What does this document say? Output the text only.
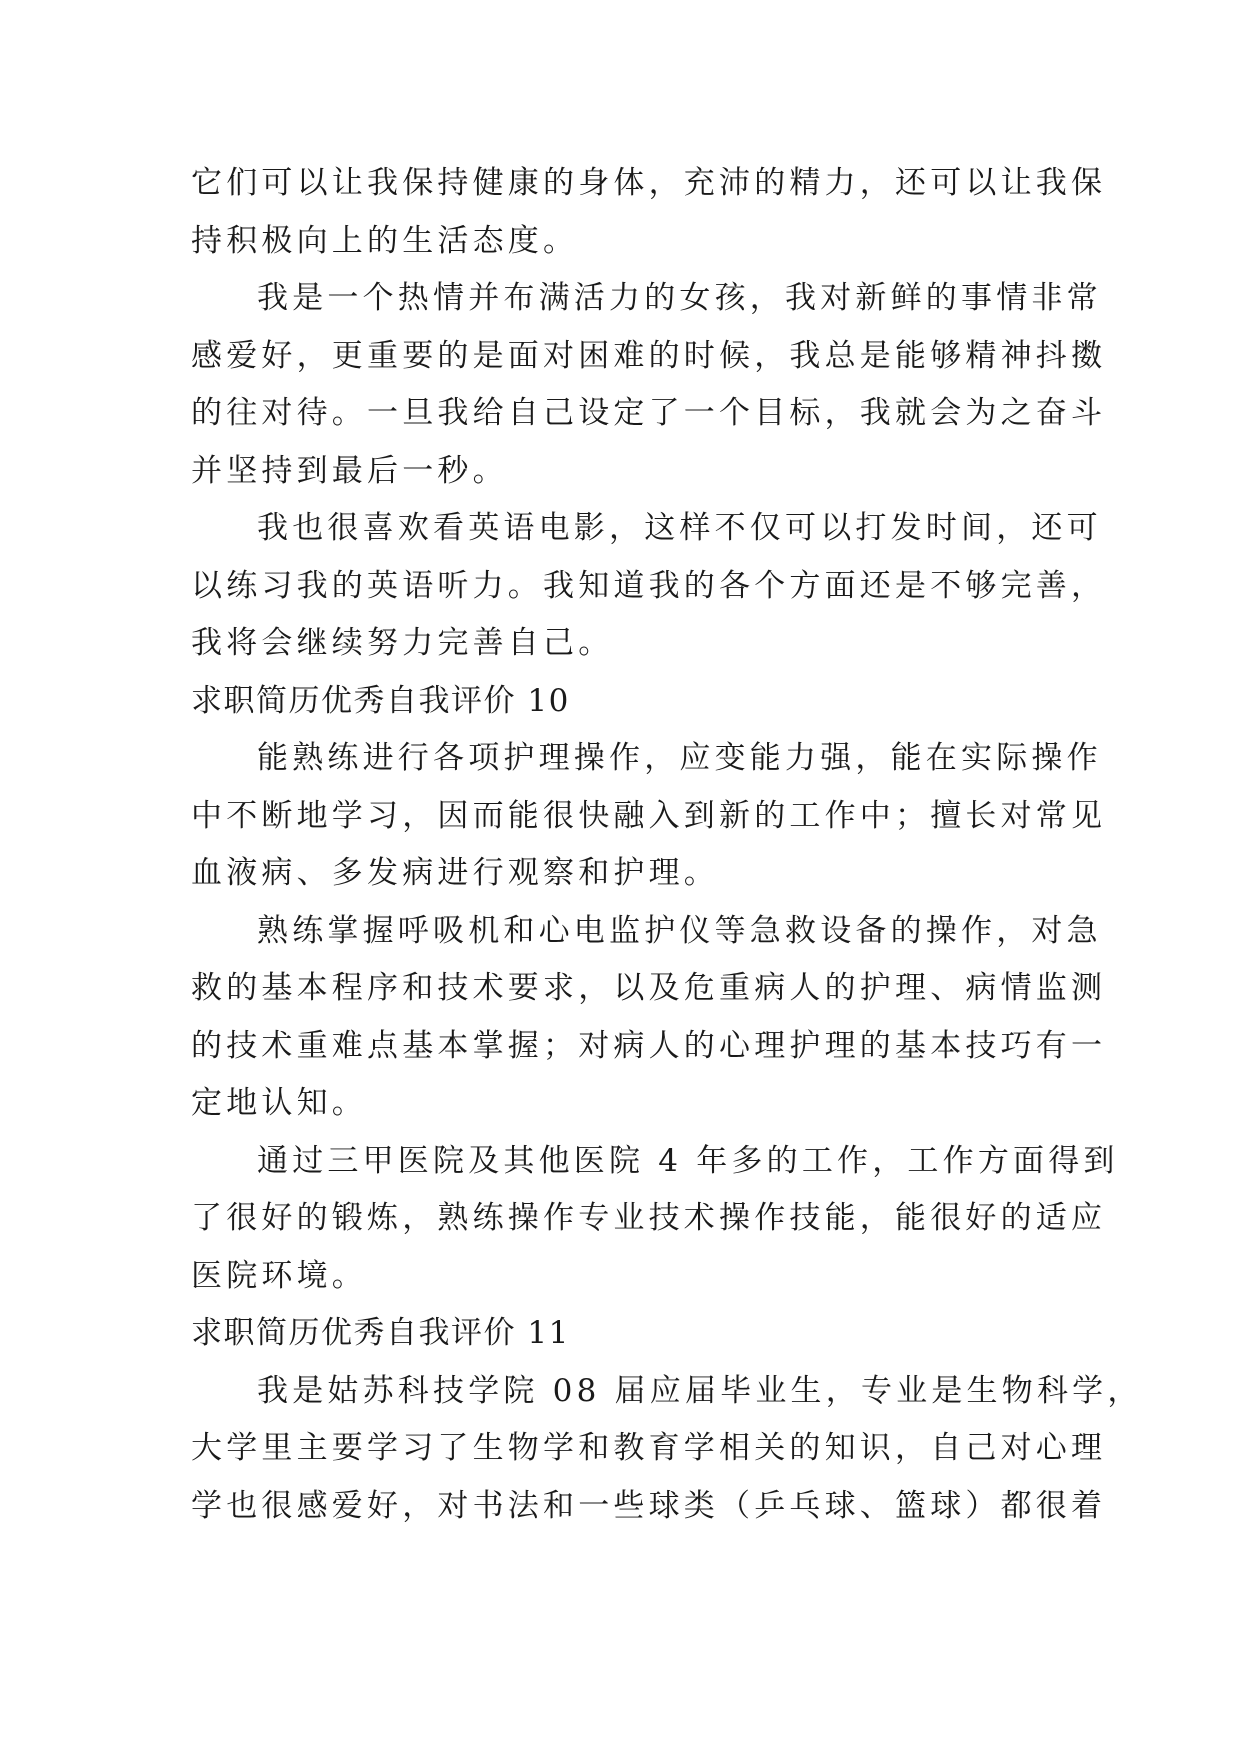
它们可以让我保持健康的身体，充沛的精力，还可以让我保
持积极向上的生活态度。
我是一个热情并布满活力的女孩，我对新鲜的事情非常
感爱好，更重要的是面对困难的时候，我总是能够精神抖擞
的往对待。一旦我给自己设定了一个目标，我就会为之奋斗
并坚持到最后一秒。
我也很喜欢看英语电影，这样不仅可以打发时间，还可
以练习我的英语听力。我知道我的各个方面还是不够完善，
我将会继续努力完善自己。
求职简历优秀自我评价 10
能熟练进行各项护理操作，应变能力强，能在实际操作
中不断地学习，因而能很快融入到新的工作中；擅长对常见
血液病、多发病进行观察和护理。
熟练掌握呼吸机和心电监护仪等急救设备的操作，对急
救的基本程序和技术要求，以及危重病人的护理、病情监测
的技术重难点基本掌握；对病人的心理护理的基本技巧有一
定地认知。
通过三甲医院及其他医院 4 年多的工作，工作方面得到
了很好的锻炼，熟练操作专业技术操作技能，能很好的适应
医院环境。
求职简历优秀自我评价 11
我是姑苏科技学院 08 届应届毕业生，专业是生物科学，
大学里主要学习了生物学和教育学相关的知识，自己对心理
学也很感爱好，对书法和一些球类（乒乓球、篮球）都很着
